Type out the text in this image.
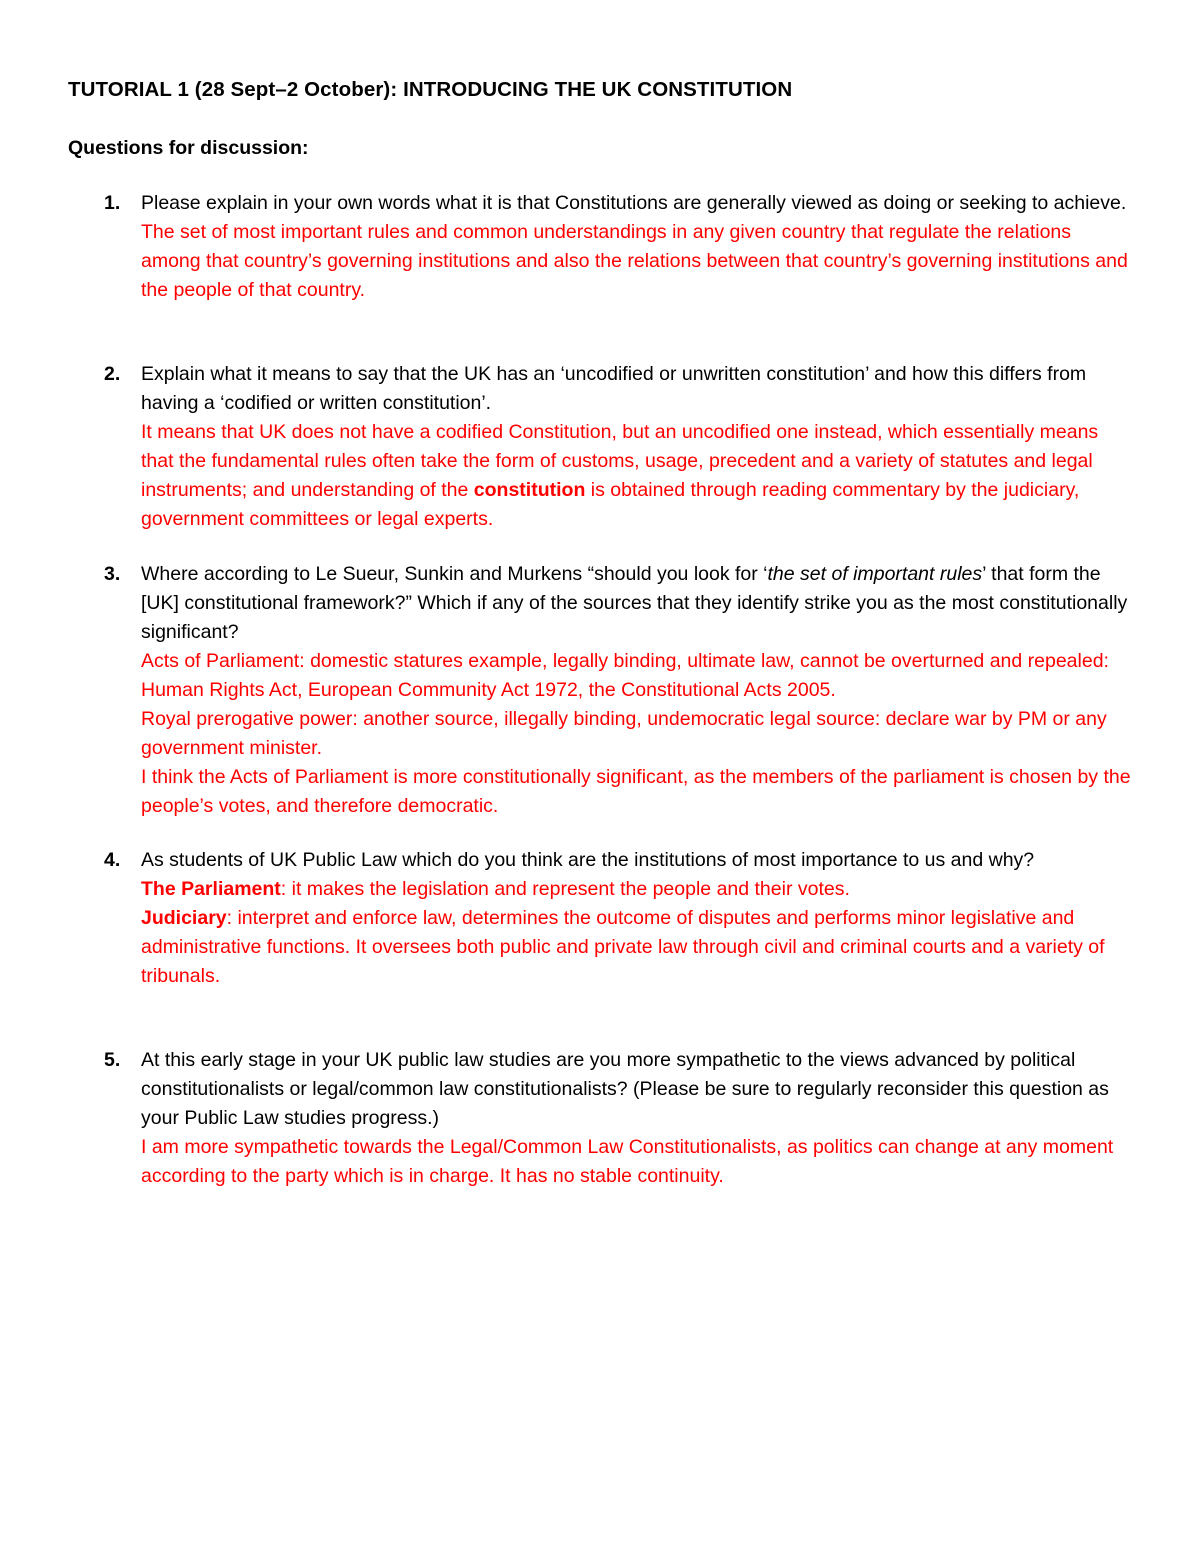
TUTORIAL 1 (28 Sept–2 October): INTRODUCING THE UK CONSTITUTION

Questions for discussion:

1. Please explain in your own words what it is that Constitutions are generally viewed as doing or seeking to achieve.
The set of most important rules and common understandings in any given country that regulate the relations among that country’s governing institutions and also the relations between that country’s governing institutions and the people of that country.
2. Explain what it means to say that the UK has an ‘uncodified or unwritten constitution’ and how this differs from having a ‘codified or written constitution’.
It means that UK does not have a codified Constitution, but an uncodified one instead, which essentially means that the fundamental rules often take the form of customs, usage, precedent and a variety of statutes and legal instruments; and understanding of the constitution is obtained through reading commentary by the judiciary, government committees or legal experts.
3. Where according to Le Sueur, Sunkin and Murkens “should you look for ‘the set of important rules’ that form the [UK] constitutional framework?” Which if any of the sources that they identify strike you as the most constitutionally significant?
Acts of Parliament: domestic statures example, legally binding, ultimate law, cannot be overturned and repealed: Human Rights Act, European Community Act 1972, the Constitutional Acts 2005.
Royal prerogative power: another source, illegally binding, undemocratic legal source: declare war by PM or any government minister.
I think the Acts of Parliament is more constitutionally significant, as the members of the parliament is chosen by the people’s votes, and therefore democratic.
4. As students of UK Public Law which do you think are the institutions of most importance to us and why?
The Parliament: it makes the legislation and represent the people and their votes.
Judiciary: interpret and enforce law, determines the outcome of disputes and performs minor legislative and administrative functions. It oversees both public and private law through civil and criminal courts and a variety of tribunals.
5. At this early stage in your UK public law studies are you more sympathetic to the views advanced by political constitutionalists or legal/common law constitutionalists? (Please be sure to regularly reconsider this question as your Public Law studies progress.)
I am more sympathetic towards the Legal/Common Law Constitutionalists, as politics can change at any moment according to the party which is in charge. It has no stable continuity.
